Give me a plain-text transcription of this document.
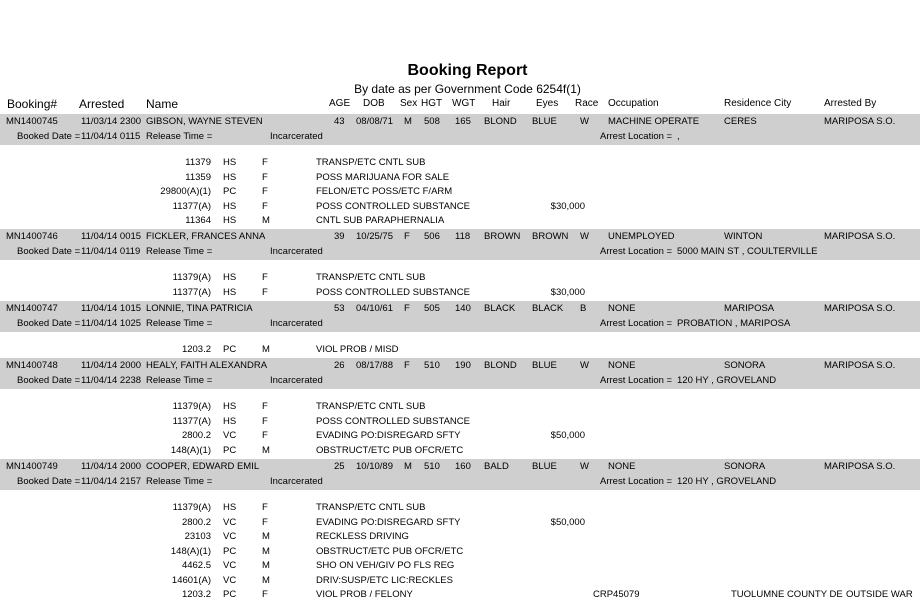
Booking Report
By date as per Government Code 6254f(1)
Booking# Arrested Name	AGE DOB Sex HGT WGT Hair	Eyes Race Occupation	Residence City	Arrested By
MN1400745 11/03/14 2300 GIBSON, WAYNE STEVEN	43 08/08/71 M 508 165 BLOND BLUE W MACHINE OPERATE	CERES	MARIPOSA S.O.
Booked Date = 11/04/14 0115 Release Time =	Incarcerated	Arrest Location = ,
11379 HS	F	TRANSP/ETC CNTL SUB
11359 HS	F	POSS MARIJUANA FOR SALE
29800(A)(1) PC	F	FELON/ETC POSS/ETC F/ARM
11377(A) HS	F	POSS CONTROLLED SUBSTANCE	$30,000
11364 HS	M	CNTL SUB PARAPHERNALIA
MN1400746 11/04/14 0015 FICKLER, FRANCES ANNA	39 10/25/75 F 506 118 BROWN BROWN W UNEMPLOYED	WINTON	MARIPOSA S.O.
Booked Date = 11/04/14 0119 Release Time =	Incarcerated	Arrest Location = 5000 MAIN ST , COULTERVILLE
11379(A) HS	F	TRANSP/ETC CNTL SUB
11377(A) HS	F	POSS CONTROLLED SUBSTANCE	$30,000
MN1400747 11/04/14 1015 LONNIE, TINA PATRICIA	53 04/10/61 F 505 140 BLACK BLACK B NONE	MARIPOSA	MARIPOSA S.O.
Booked Date = 11/04/14 1025 Release Time =	Incarcerated	Arrest Location = PROBATION , MARIPOSA
1203.2 PC	M	VIOL PROB / MISD
MN1400748 11/04/14 2000 HEALY, FAITH ALEXANDRA	26 08/17/88 F 510 190 BLOND BLUE W NONE	SONORA	MARIPOSA S.O.
Booked Date = 11/04/14 2238 Release Time =	Incarcerated	Arrest Location = 120 HY , GROVELAND
11379(A) HS	F	TRANSP/ETC CNTL SUB
11377(A) HS	F	POSS CONTROLLED SUBSTANCE
2800.2 VC	F	EVADING PO:DISREGARD SFTY	$50,000
148(A)(1) PC	M	OBSTRUCT/ETC PUB OFCR/ETC
MN1400749 11/04/14 2000 COOPER, EDWARD EMIL	25 10/10/89 M 510 160 BALD BLUE W NONE	SONORA	MARIPOSA S.O.
Booked Date = 11/04/14 2157 Release Time =	Incarcerated	Arrest Location = 120 HY , GROVELAND
11379(A) HS	F	TRANSP/ETC CNTL SUB
2800.2 VC	F	EVADING PO:DISREGARD SFTY	$50,000
23103 VC	M	RECKLESS DRIVING
148(A)(1) PC	M	OBSTRUCT/ETC PUB OFCR/ETC
4462.5 VC	M	SHO ON VEH/GIV PO FLS REG
14601(A) VC	M	DRIV:SUSP/ETC LIC:RECKLES
1203.2 PC	F	VIOL PROB / FELONY	CRP45079	TUOLUMNE COUNTY DE OUTSIDE WAR
